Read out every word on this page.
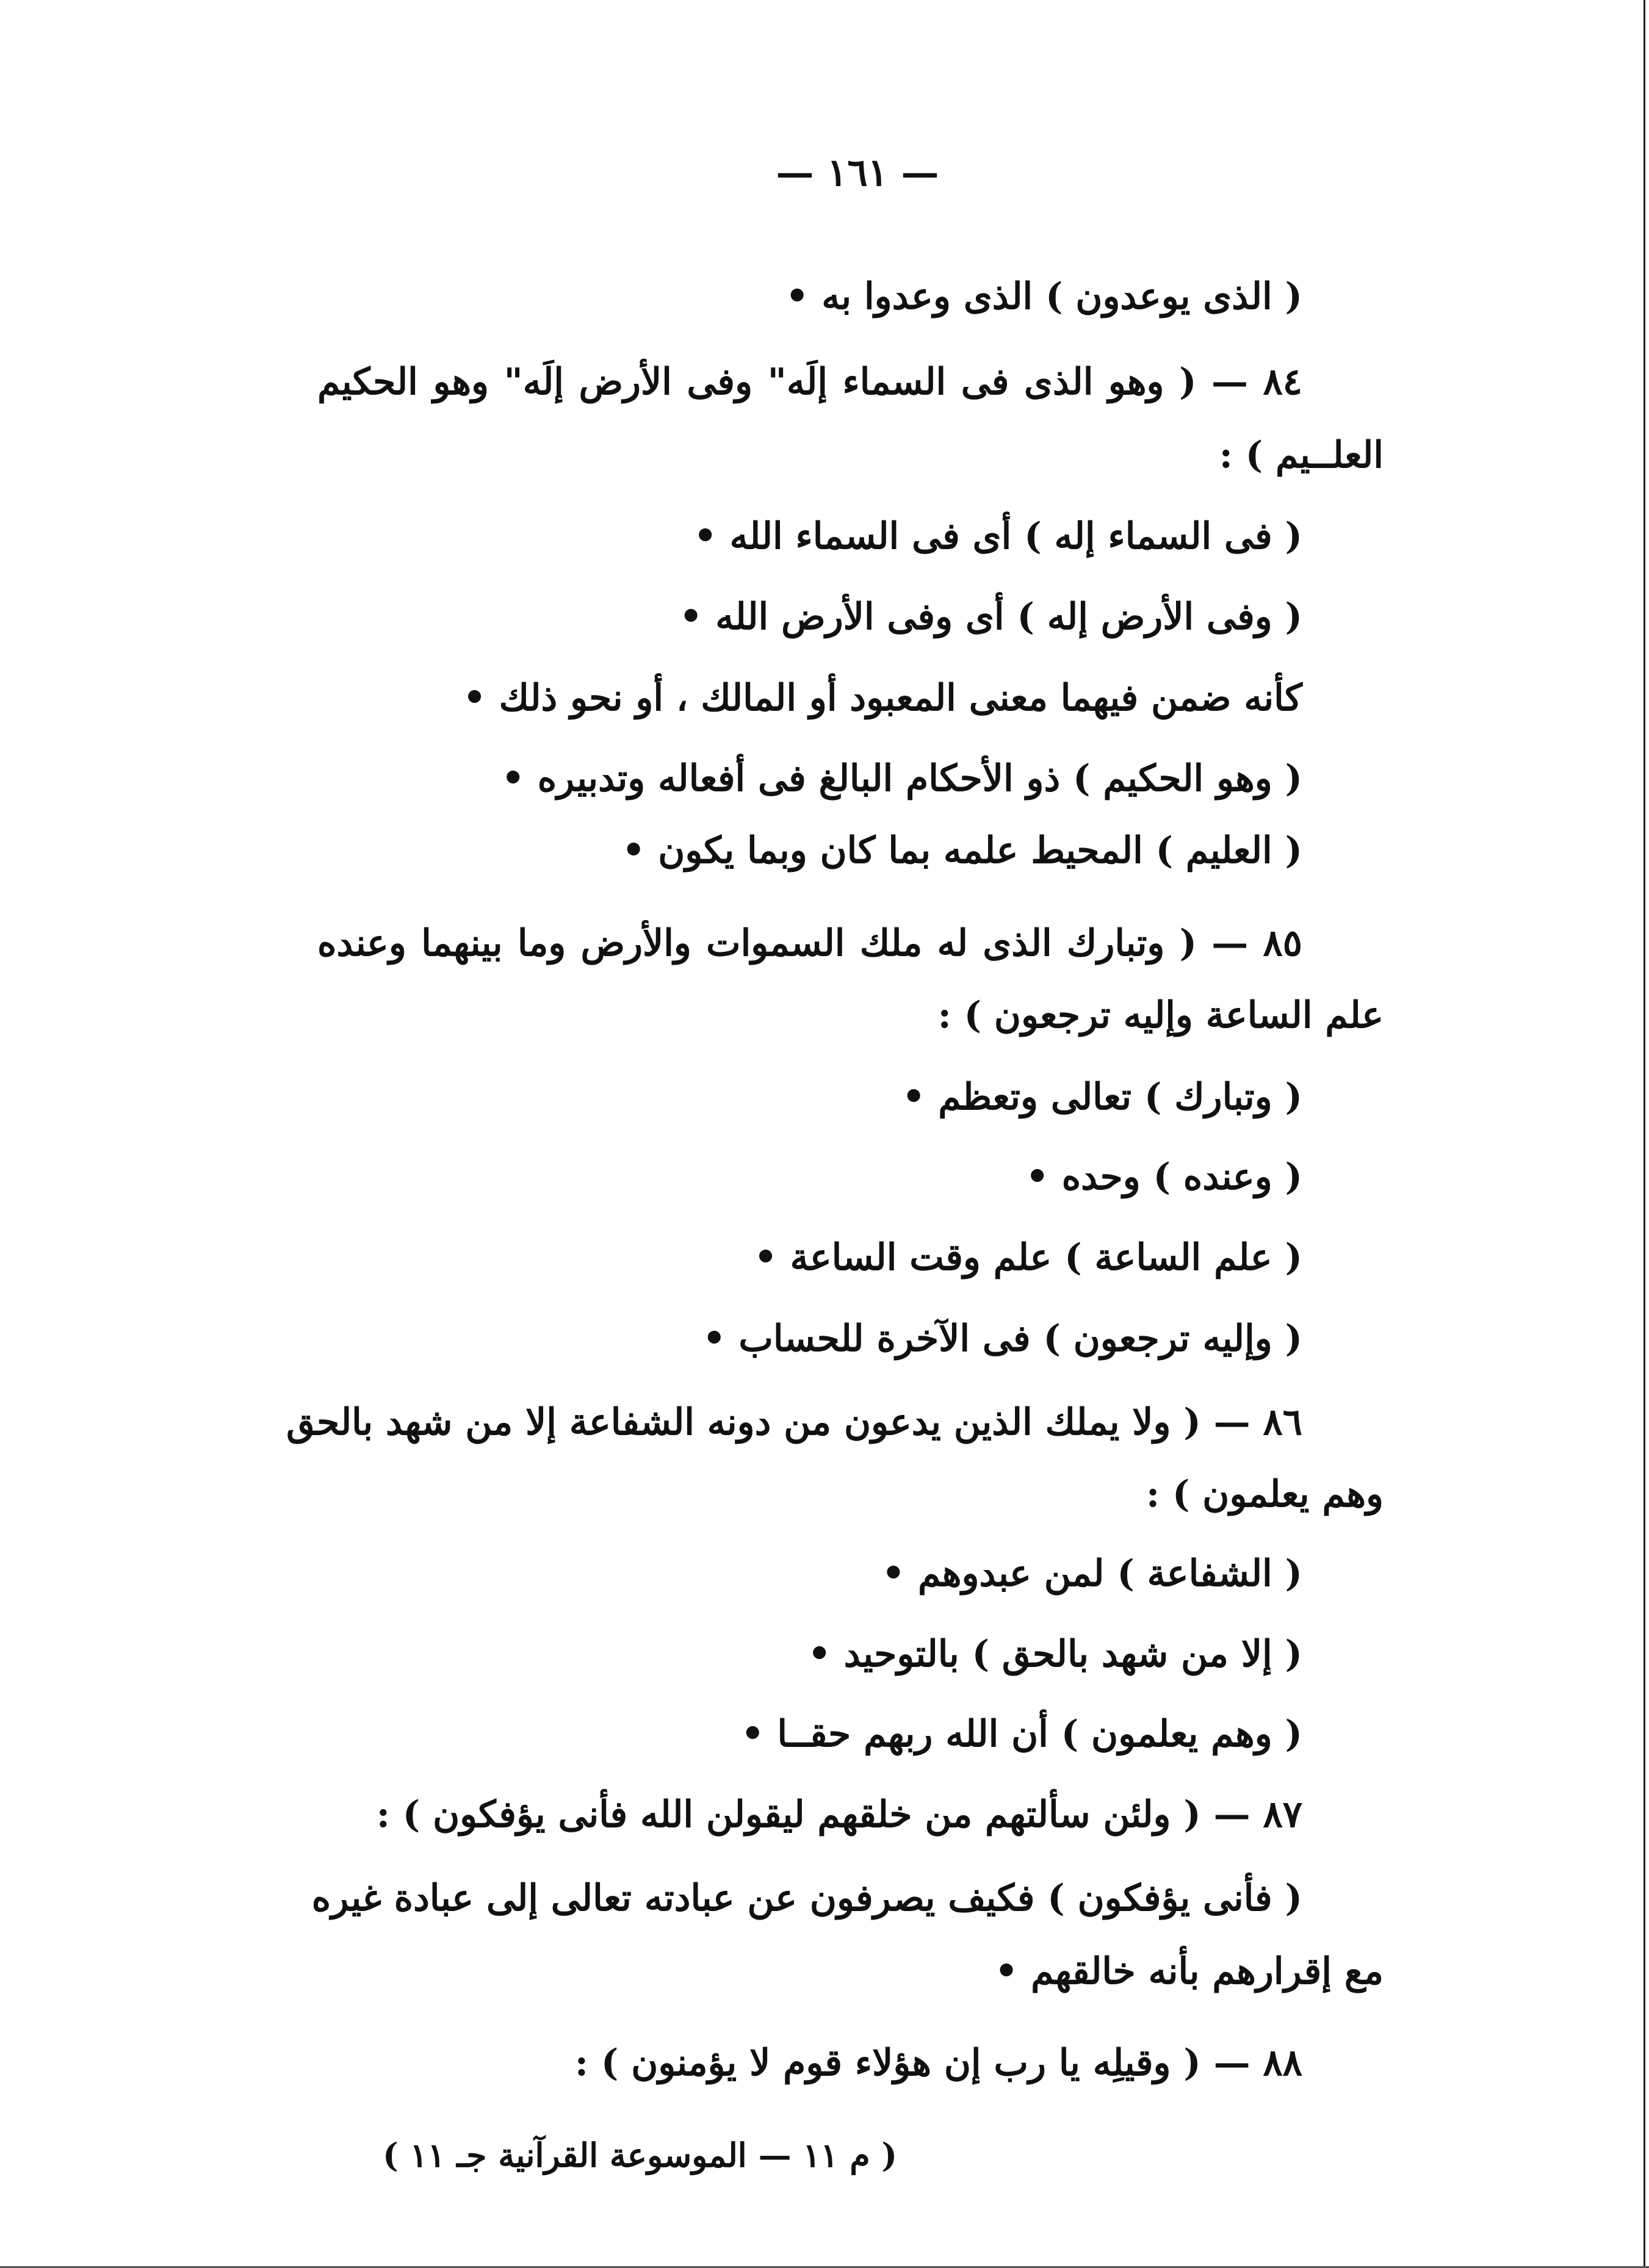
— ١٦١ —
( الذى يوعدون ) الذى وعدوا به •
٨٤ — ( وهو الذى فى السماء إلَه" وفى الأرض إلَه" وهو الحكيم
العلــيم ) :
( فى السماء إله ) أى فى السماء الله •
( وفى الأرض إله ) أى وفى الأرض الله •
كأنه ضمن فيهما معنى المعبود أو المالك ، أو نحو ذلك •
( وهو الحكيم ) ذو الأحكام البالغ فى أفعاله وتدبيره •
( العليم ) المحيط علمه بما كان وبما يكون •
٨٥ — ( وتبارك الذى له ملك السموات والأرض وما بينهما وعنده
علم الساعة وإليه ترجعون ) :
( وتبارك ) تعالى وتعظم •
( وعنده ) وحده •
( علم الساعة ) علم وقت الساعة •
( وإليه ترجعون ) فى الآخرة للحساب •
٨٦ — ( ولا يملك الذين يدعون من دونه الشفاعة إلا من شهد بالحق
وهم يعلمون ) :
( الشفاعة ) لمن عبدوهم •
( إلا من شهد بالحق ) بالتوحيد •
( وهم يعلمون ) أن الله ربهم حقــا •
٨٧ — ( ولئن سألتهم من خلقهم ليقولن الله فأنى يؤفكون ) :
( فأنى يؤفكون ) فكيف يصرفون عن عبادته تعالى إلى عبادة غيره
مع إقرارهم بأنه خالقهم •
٨٨ — ( وقيلِه يا رب إن هؤلاء قوم لا يؤمنون ) :
( م ١١ — الموسوعة القرآنية جـ ١١ )
